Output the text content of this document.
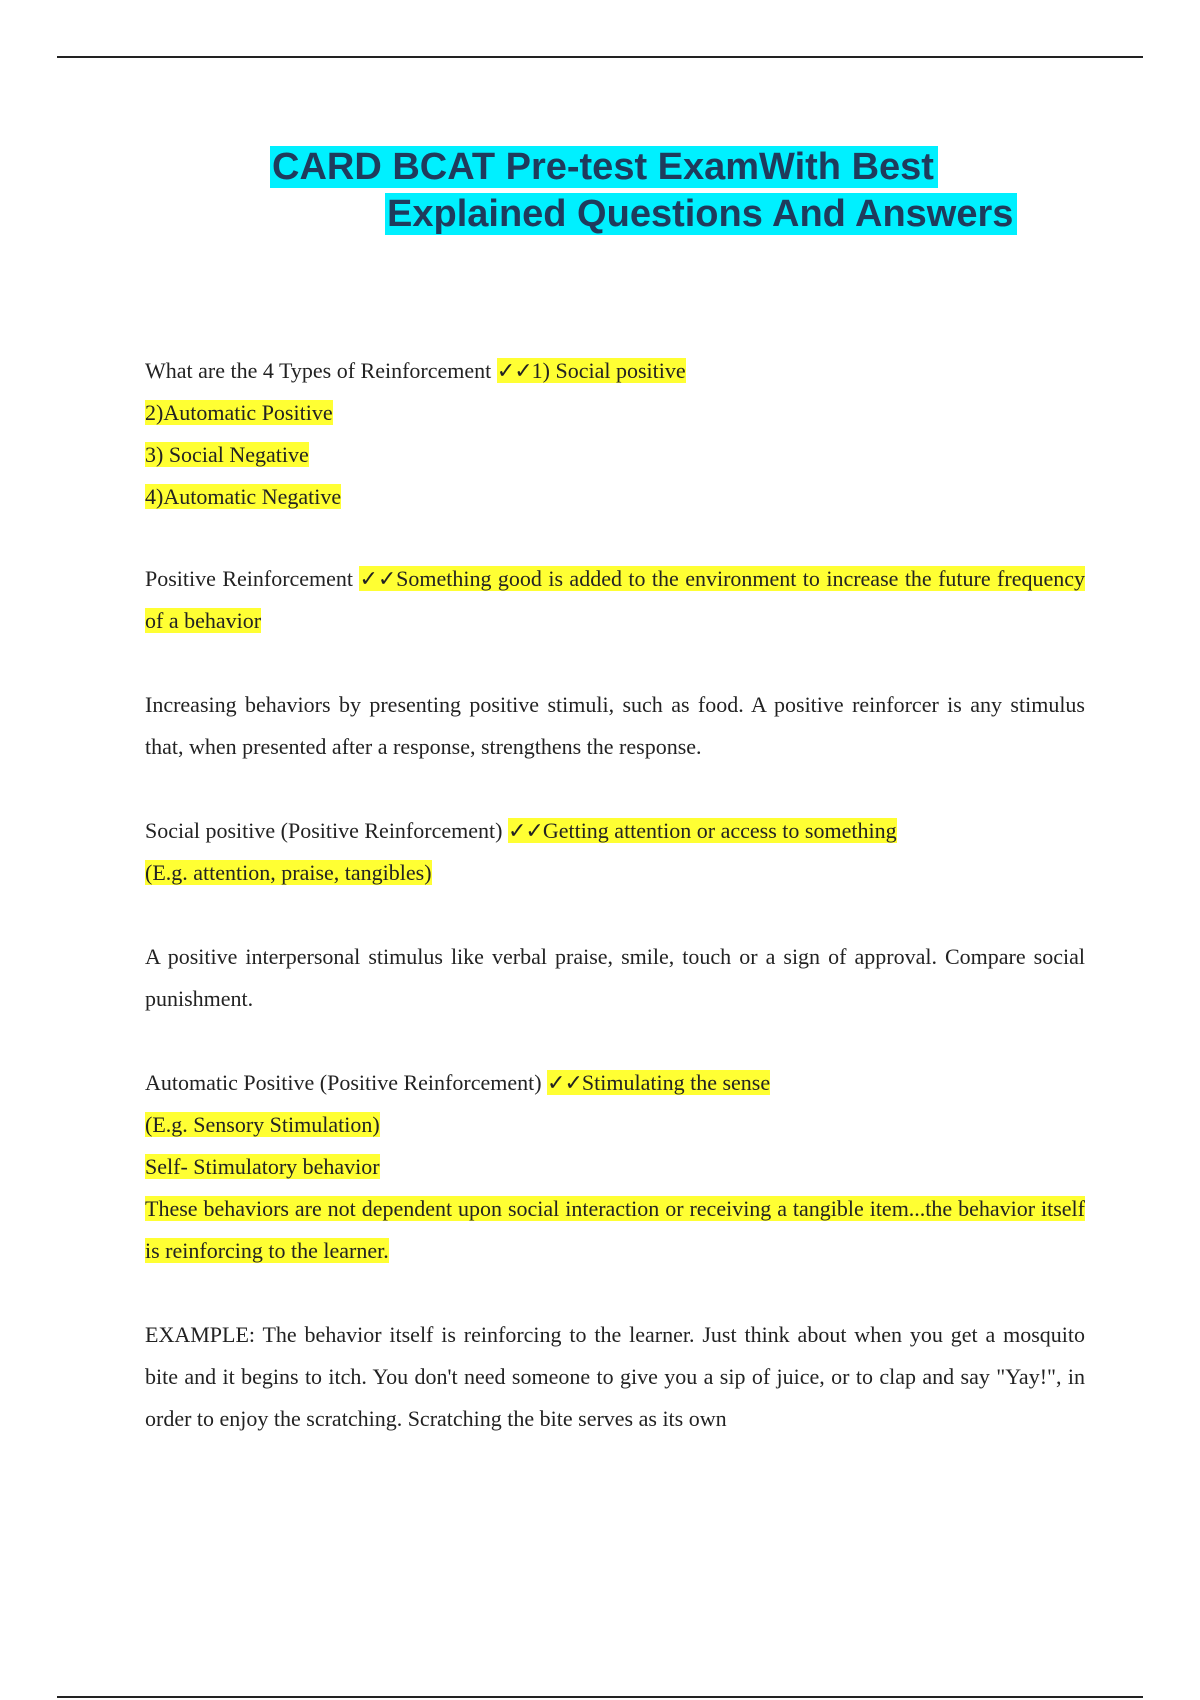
CARD BCAT Pre-test ExamWith Best
Explained Questions And Answers
What are the 4 Types of Reinforcement ✓✓1) Social positive
2)Automatic Positive
3) Social Negative
4)Automatic Negative
Positive Reinforcement ✓✓Something good is added to the environment to increase the future frequency of a behavior
Increasing behaviors by presenting positive stimuli, such as food. A positive reinforcer is any stimulus that, when presented after a response, strengthens the response.
Social positive (Positive Reinforcement) ✓✓Getting attention or access to something
(E.g. attention, praise, tangibles)
A positive interpersonal stimulus like verbal praise, smile, touch or a sign of approval. Compare social punishment.
Automatic Positive (Positive Reinforcement) ✓✓Stimulating the sense
(E.g. Sensory Stimulation)
Self- Stimulatory behavior
These behaviors are not dependent upon social interaction or receiving a tangible item...the behavior itself is reinforcing to the learner.
EXAMPLE: The behavior itself is reinforcing to the learner. Just think about when you get a mosquito bite and it begins to itch. You don't need someone to give you a sip of juice, or to clap and say "Yay!", in order to enjoy the scratching. Scratching the bite serves as its own
